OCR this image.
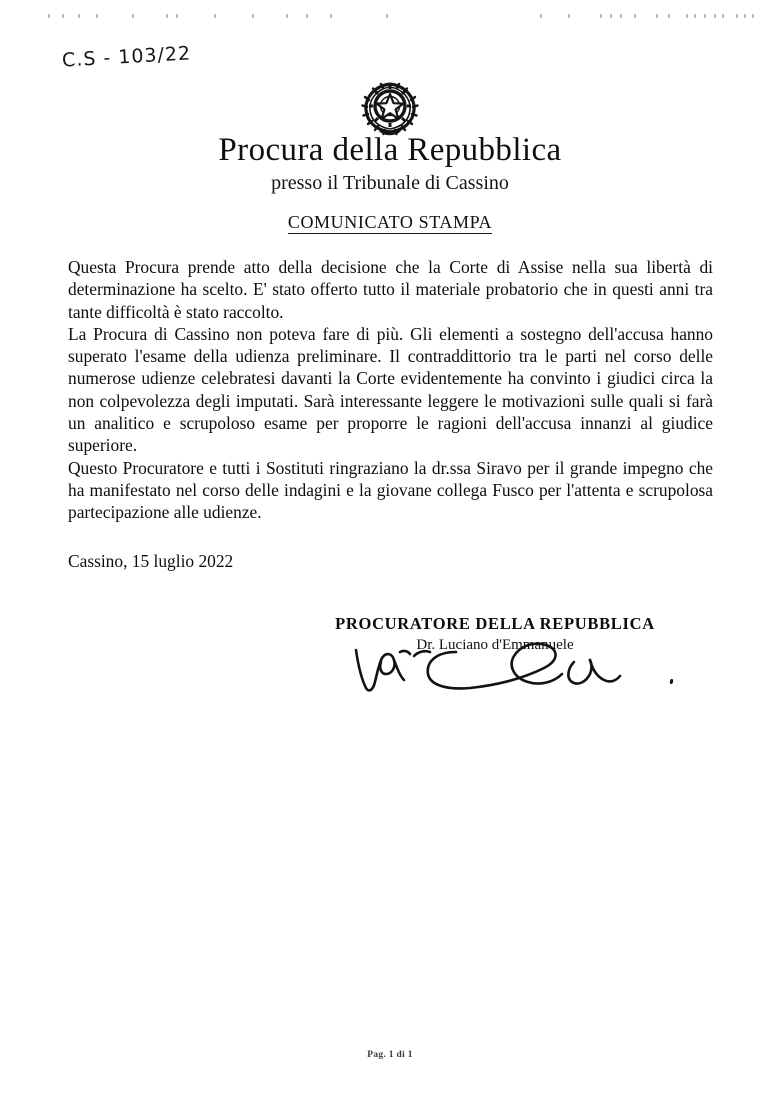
C.S - 103/22
Procura della Repubblica
presso il Tribunale di Cassino
COMUNICATO STAMPA

Questa Procura prende atto della decisione che la Corte di Assise nella sua libertà di determinazione ha scelto. E' stato offerto tutto il materiale probatorio che in questi anni tra tante difficoltà è stato raccolto.

La Procura di Cassino non poteva fare di più. Gli elementi a sostegno dell'accusa hanno superato l'esame della udienza preliminare. Il contraddittorio tra le parti nel corso delle numerose udienze celebratesi davanti la Corte evidentemente ha convinto i giudici circa la non colpevolezza degli imputati. Sarà interessante leggere le motivazioni sulle quali si farà un analitico e scrupoloso esame per proporre le ragioni dell'accusa innanzi al giudice superiore.

Questo Procuratore e tutti i Sostituti ringraziano la dr.ssa Siravo per il grande impegno che ha manifestato nel corso delle indagini e la giovane collega Fusco per l'attenta e scrupolosa partecipazione alle udienze.

Cassino, 15 luglio 2022
PROCURATORE DELLA REPUBBLICA
Dr. Luciano d'Emmanuele
Pag. 1 di 1
